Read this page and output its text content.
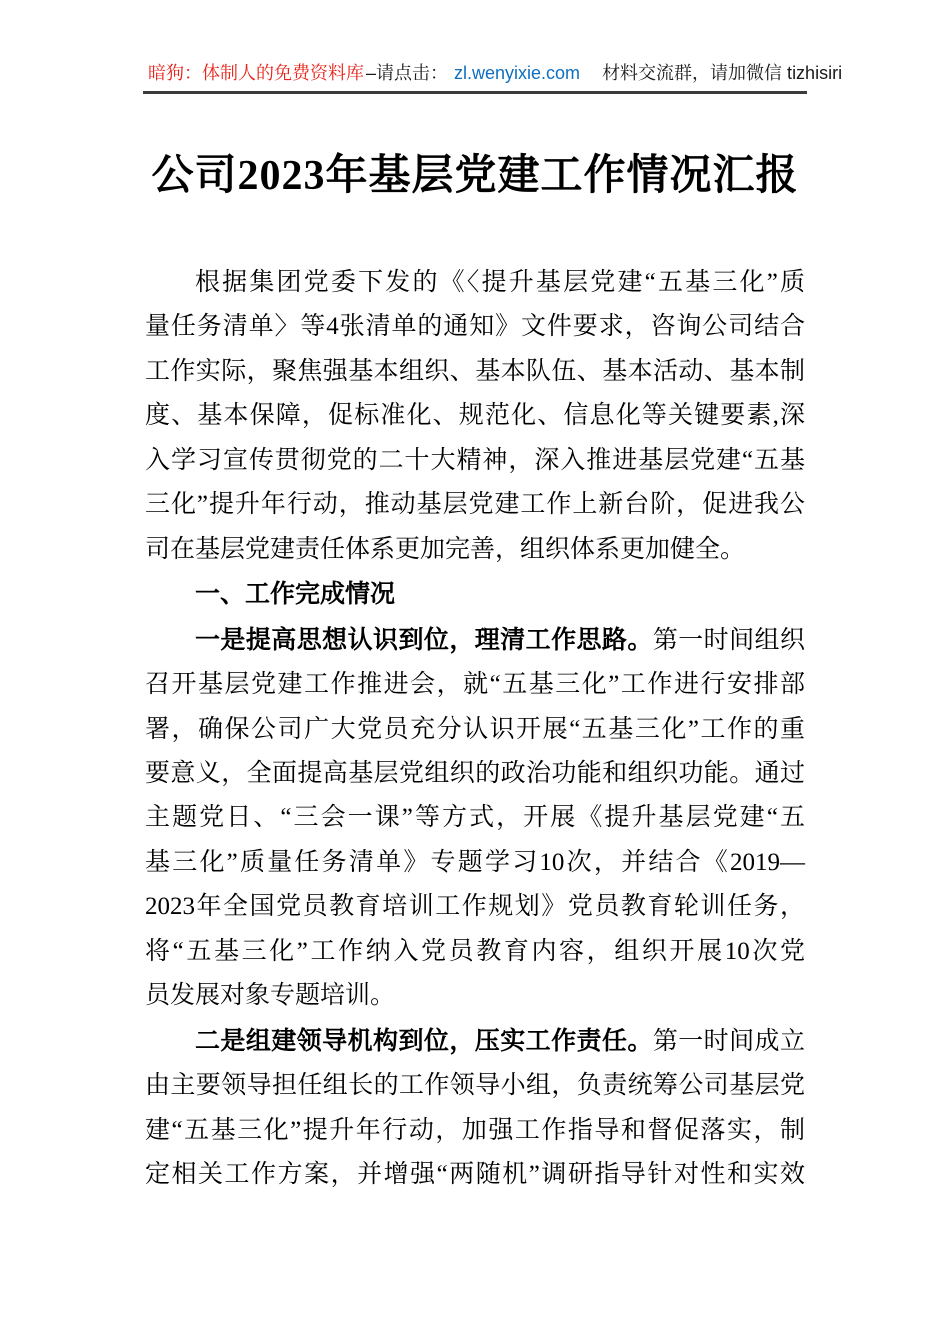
暗狗：体制人的免费资料库 –请点击： zl.wenyixie.com 材料交流群，请加微信 tizhisiri
公司2023年基层党建工作情况汇报
根据集团党委下发的《〈提升基层党建“五基三化”质
量任务清单〉等4张清单的通知》文件要求，咨询公司结合
工作实际，聚焦强基本组织、基本队伍、基本活动、基本制
度、基本保障，促标准化、规范化、信息化等关键要素,深
入学习宣传贯彻党的二十大精神，深入推进基层党建“五基
三化”提升年行动，推动基层党建工作上新台阶，促进我公
司在基层党建责任体系更加完善，组织体系更加健全。
一、工作完成情况
一是提高思想认识到位，理清工作思路。第一时间组织
召开基层党建工作推进会，就“五基三化”工作进行安排部
署，确保公司广大党员充分认识开展“五基三化”工作的重
要意义，全面提高基层党组织的政治功能和组织功能。通过
主题党日、“三会一课”等方式，开展《提升基层党建“五
基三化”质量任务清单》专题学习10次，并结合《2019—
2023年全国党员教育培训工作规划》党员教育轮训任务，
将“五基三化”工作纳入党员教育内容，组织开展10次党
员发展对象专题培训。
二是组建领导机构到位，压实工作责任。第一时间成立
由主要领导担任组长的工作领导小组，负责统筹公司基层党
建“五基三化”提升年行动，加强工作指导和督促落实，制
定相关工作方案，并增强“两随机”调研指导针对性和实效
